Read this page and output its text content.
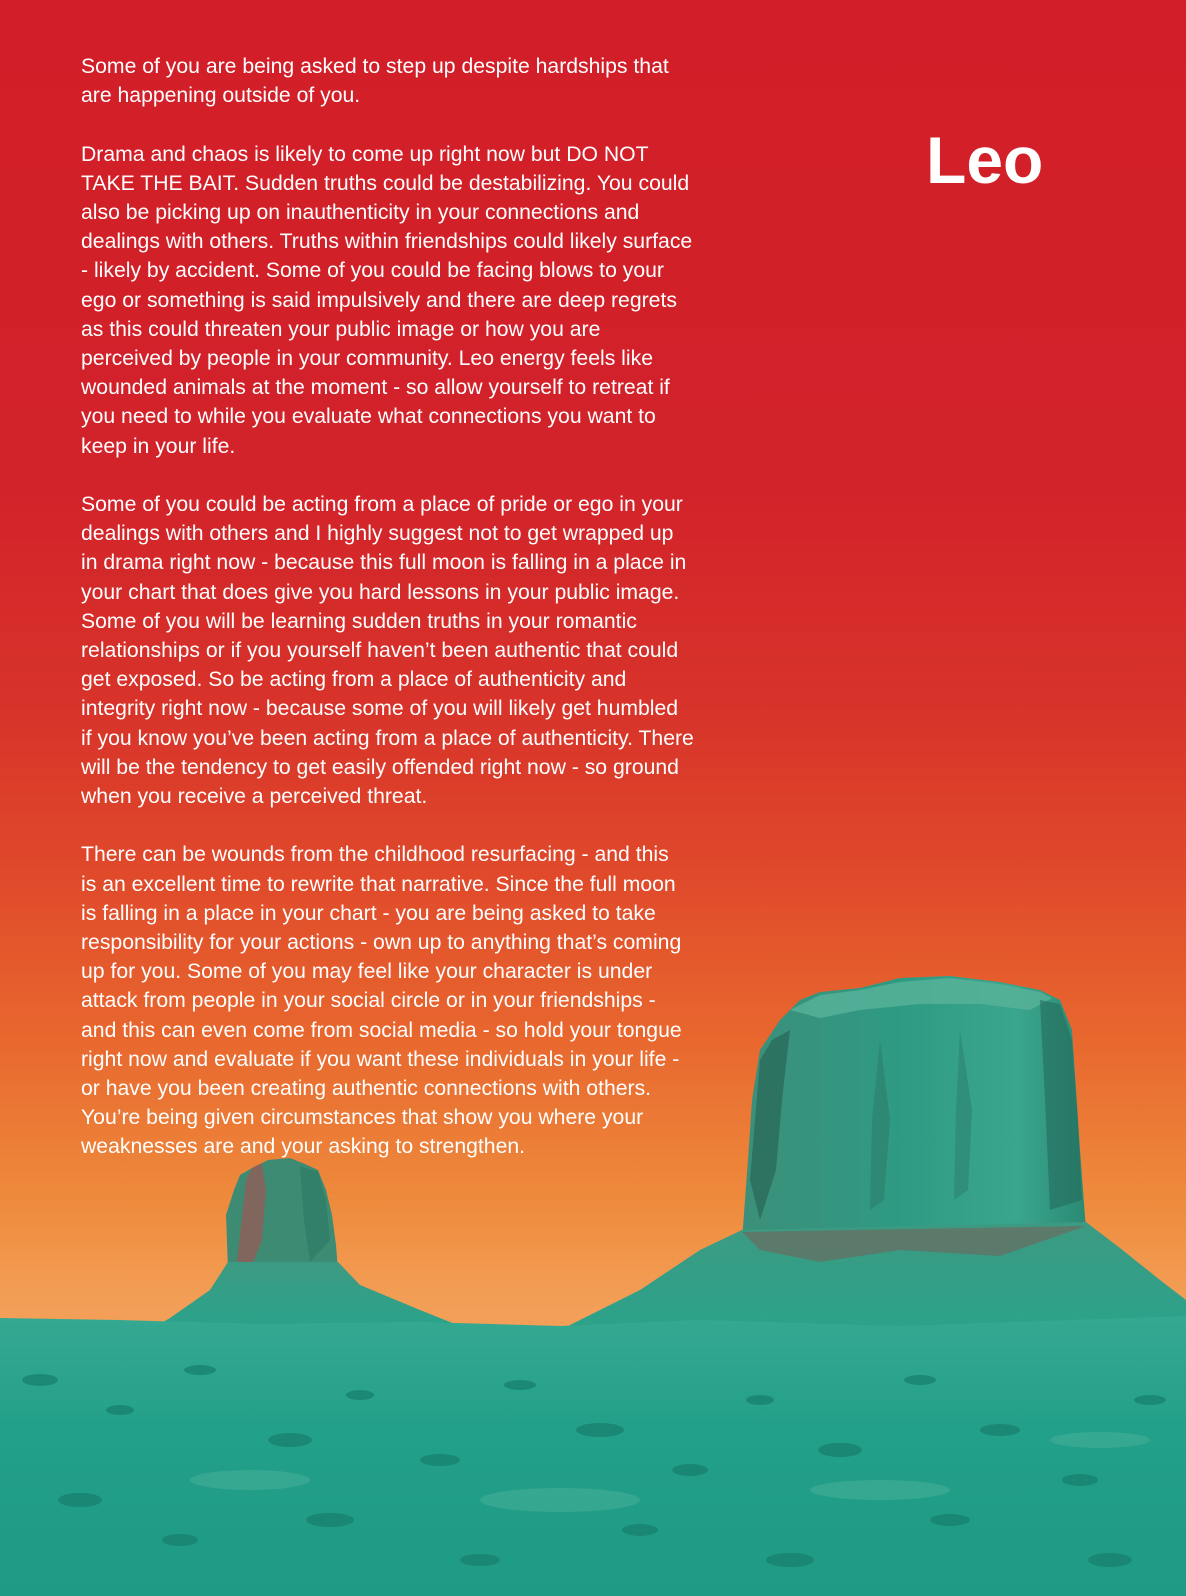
Leo

Some of you are being asked to step up despite hardships that
are happening outside of you.

Drama and chaos is likely to come up right now but DO NOT
TAKE THE BAIT. Sudden truths could be destabilizing. You could
also be picking up on inauthenticity in your connections and
dealings with others. Truths within friendships could likely surface
- likely by accident. Some of you could be facing blows to your
ego or something is said impulsively and there are deep regrets
as this could threaten your public image or how you are
perceived by people in your community. Leo energy feels like
wounded animals at the moment - so allow yourself to retreat if
you need to while you evaluate what connections you want to
keep in your life.

Some of you could be acting from a place of pride or ego in your
dealings with others and I highly suggest not to get wrapped up
in drama right now - because this full moon is falling in a place in
your chart that does give you hard lessons in your public image.
Some of you will be learning sudden truths in your romantic
relationships or if you yourself haven’t been authentic that could
get exposed. So be acting from a place of authenticity and
integrity right now - because some of you will likely get humbled
if you know you’ve been acting from a place of authenticity. There
will be the tendency to get easily offended right now - so ground
when you receive a perceived threat.

There can be wounds from the childhood resurfacing - and this
is an excellent time to rewrite that narrative. Since the full moon
is falling in a place in your chart - you are being asked to take
responsibility for your actions - own up to anything that’s coming
up for you. Some of you may feel like your character is under
attack from people in your social circle or in your friendships -
and this can even come from social media - so hold your tongue
right now and evaluate if you want these individuals in your life -
or have you been creating authentic connections with others.
You’re being given circumstances that show you where your
weaknesses are and your asking to strengthen.
